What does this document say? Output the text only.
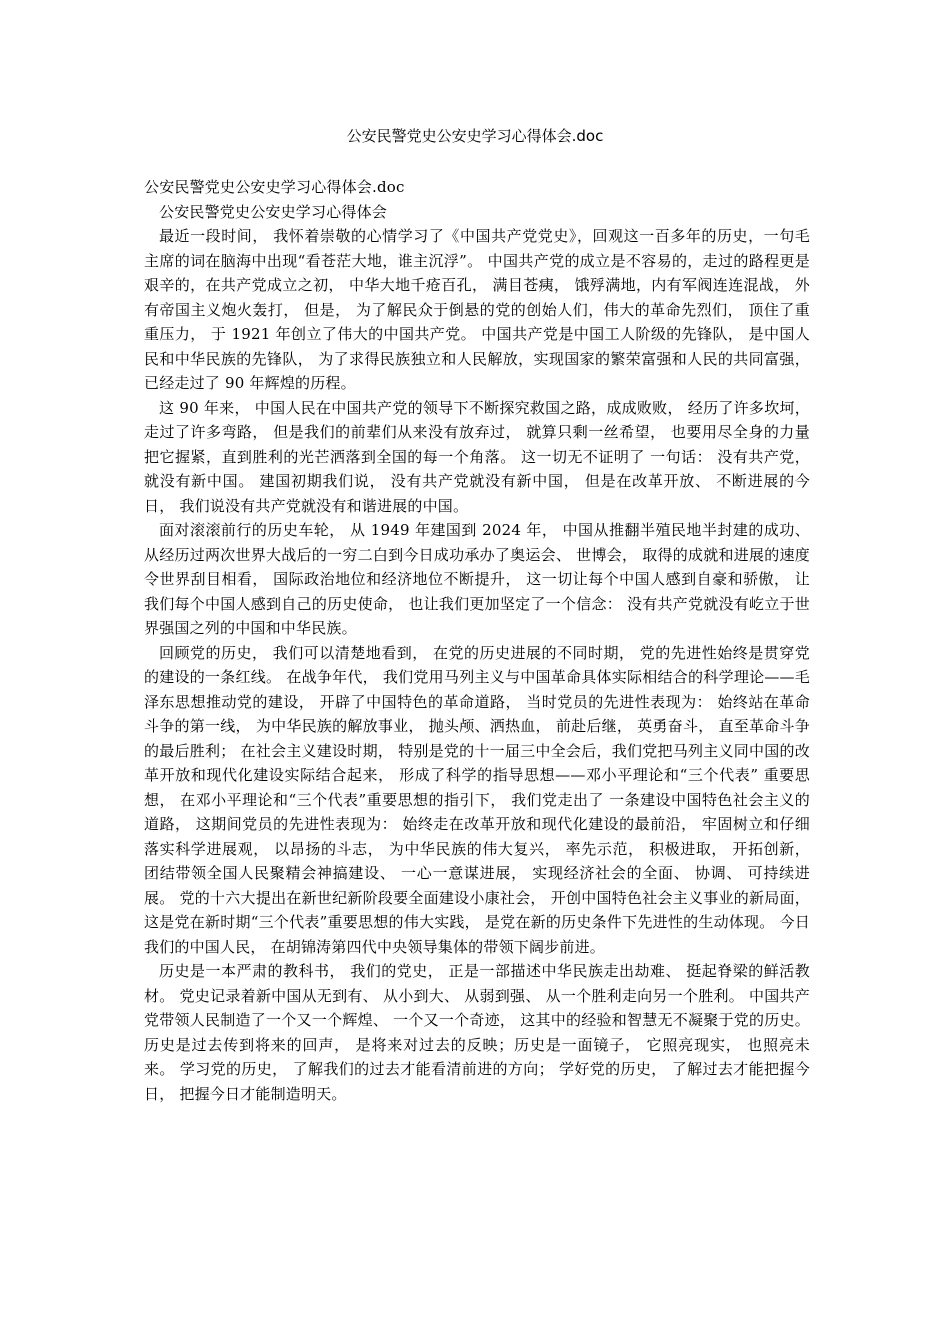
公安民警党史公安史学习心得体会.doc

公安民警党史公安史学习心得体会.doc

公安民警党史公安史学习心得体会

最近一段时间， 我怀着崇敬的心情学习了《中国共产党党史》，回观这一百多年的历史，一句毛主席的词在脑海中出现“看苍茫大地，谁主沉浮”。 中国共产党的成立是不容易的，走过的路程更是艰辛的，在共产党成立之初， 中华大地千疮百孔， 满目苍痍， 饿殍满地，内有军阀连连混战， 外有帝国主义炮火轰打， 但是， 为了解民众于倒悬的党的创始人们，伟大的革命先烈们， 顶住了重重压力， 于 1921 年创立了伟大的中国共产党。 中国共产党是中国工人阶级的先锋队， 是中国人民和中华民族的先锋队， 为了求得民族独立和人民解放，实现国家的繁荣富强和人民的共同富强， 已经走过了 90 年辉煌的历程。

这 90 年来， 中国人民在中国共产党的领导下不断探究救国之路，成成败败， 经历了许多坎坷， 走过了许多弯路， 但是我们的前辈们从来没有放弃过， 就算只剩一丝希望， 也要用尽全身的力量把它握紧，直到胜利的光芒洒落到全国的每一个角落。 这一切无不证明了 一句话： 没有共产党， 就没有新中国。 建国初期我们说， 没有共产党就没有新中国， 但是在改革开放、 不断进展的今日， 我们说没有共产党就没有和谐进展的中国。

面对滚滚前行的历史车轮， 从 1949 年建国到 2024 年， 中国从推翻半殖民地半封建的成功、 从经历过两次世界大战后的一穷二白到今日成功承办了奥运会、 世博会， 取得的成就和进展的速度令世界刮目相看， 国际政治地位和经济地位不断提升， 这一切让每个中国人感到自豪和骄傲， 让我们每个中国人感到自己的历史使命， 也让我们更加坚定了一个信念： 没有共产党就没有屹立于世界强国之列的中国和中华民族。

回顾党的历史， 我们可以清楚地看到， 在党的历史进展的不同时期， 党的先进性始终是贯穿党的建设的一条红线。 在战争年代， 我们党用马列主义与中国革命具体实际相结合的科学理论——毛泽东思想推动党的建设， 开辟了中国特色的革命道路， 当时党员的先进性表现为： 始终站在革命斗争的第一线， 为中华民族的解放事业， 抛头颅、洒热血， 前赴后继， 英勇奋斗， 直至革命斗争的最后胜利； 在社会主义建设时期， 特别是党的十一届三中全会后，我们党把马列主义同中国的改革开放和现代化建设实际结合起来， 形成了科学的指导思想——邓小平理论和“三个代表” 重要思想， 在邓小平理论和“三个代表”重要思想的指引下， 我们党走出了 一条建设中国特色社会主义的道路， 这期间党员的先进性表现为： 始终走在改革开放和现代化建设的最前沿， 牢固树立和仔细落实科学进展观， 以昂扬的斗志， 为中华民族的伟大复兴， 率先示范， 积极进取， 开拓创新， 团结带领全国人民聚精会神搞建设、 一心一意谋进展， 实现经济社会的全面、 协调、 可持续进展。 党的十六大提出在新世纪新阶段要全面建设小康社会， 开创中国特色社会主义事业的新局面， 这是党在新时期“三个代表”重要思想的伟大实践， 是党在新的历史条件下先进性的生动体现。 今日我们的中国人民， 在胡锦涛第四代中央领导集体的带领下阔步前进。

历史是一本严肃的教科书， 我们的党史， 正是一部描述中华民族走出劫难、 挺起脊梁的鲜活教材。 党史记录着新中国从无到有、 从小到大、 从弱到强、 从一个胜利走向另一个胜利。 中国共产党带领人民制造了一个又一个辉煌、 一个又一个奇迹， 这其中的经验和智慧无不凝聚于党的历史。 历史是过去传到将来的回声， 是将来对过去的反映；历史是一面镜子， 它照亮现实， 也照亮未来。 学习党的历史， 了解我们的过去才能看清前进的方向； 学好党的历史， 了解过去才能把握今日， 把握今日才能制造明天。
